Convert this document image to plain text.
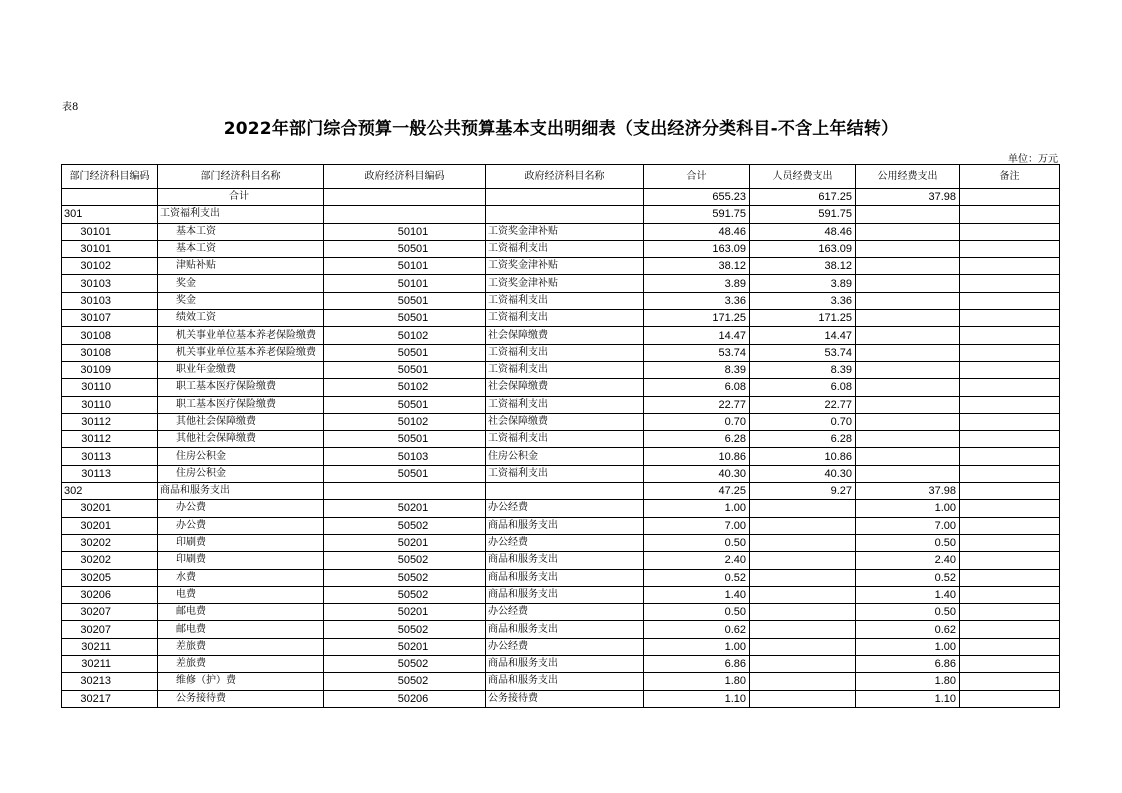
表8
2022年部门综合预算一般公共预算基本支出明细表（支出经济分类科目-不含上年结转）
单位：万元
部门经济科目编码	部门经济科目名称	政府经济科目编码	政府经济科目名称	合计	人员经费支出	公用经费支出	备注
	合计			655.23	617.25	37.98	
301	工资福利支出			591.75	591.75		
30101	基本工资	50101	工资奖金津补贴	48.46	48.46		
30101	基本工资	50501	工资福利支出	163.09	163.09		
30102	津贴补贴	50101	工资奖金津补贴	38.12	38.12		
30103	奖金	50101	工资奖金津补贴	3.89	3.89		
30103	奖金	50501	工资福利支出	3.36	3.36		
30107	绩效工资	50501	工资福利支出	171.25	171.25		
30108	机关事业单位基本养老保险缴费	50102	社会保障缴费	14.47	14.47		
30108	机关事业单位基本养老保险缴费	50501	工资福利支出	53.74	53.74		
30109	职业年金缴费	50501	工资福利支出	8.39	8.39		
30110	职工基本医疗保险缴费	50102	社会保障缴费	6.08	6.08		
30110	职工基本医疗保险缴费	50501	工资福利支出	22.77	22.77		
30112	其他社会保障缴费	50102	社会保障缴费	0.70	0.70		
30112	其他社会保障缴费	50501	工资福利支出	6.28	6.28		
30113	住房公积金	50103	住房公积金	10.86	10.86		
30113	住房公积金	50501	工资福利支出	40.30	40.30		
302	商品和服务支出			47.25	9.27	37.98	
30201	办公费	50201	办公经费	1.00		1.00	
30201	办公费	50502	商品和服务支出	7.00		7.00	
30202	印刷费	50201	办公经费	0.50		0.50	
30202	印刷费	50502	商品和服务支出	2.40		2.40	
30205	水费	50502	商品和服务支出	0.52		0.52	
30206	电费	50502	商品和服务支出	1.40		1.40	
30207	邮电费	50201	办公经费	0.50		0.50	
30207	邮电费	50502	商品和服务支出	0.62		0.62	
30211	差旅费	50201	办公经费	1.00		1.00	
30211	差旅费	50502	商品和服务支出	6.86		6.86	
30213	维修（护）费	50502	商品和服务支出	1.80		1.80	
30217	公务接待费	50206	公务接待费	1.10		1.10	
